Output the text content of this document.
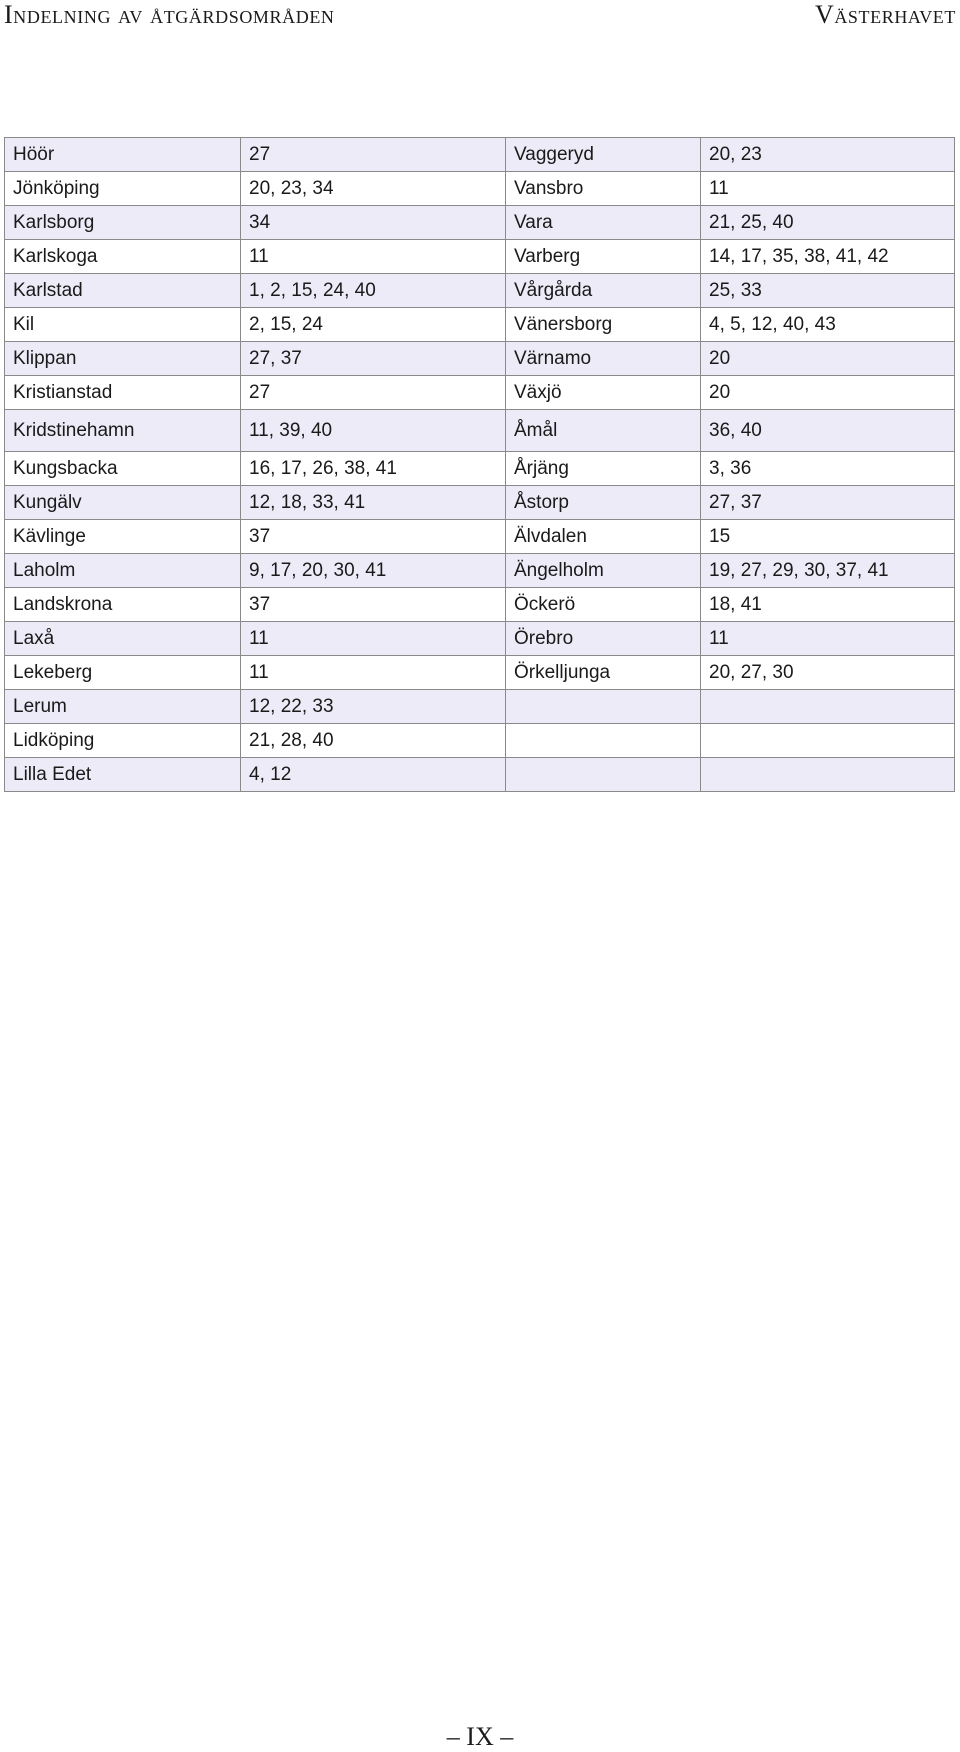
Indelning av åtgärdsområden	Västerhavet
Höör	27	Vaggeryd	20, 23
Jönköping	20, 23, 34	Vansbro	11
Karlsborg	34	Vara	21, 25, 40
Karlskoga	11	Varberg	14, 17, 35, 38, 41, 42
Karlstad	1, 2, 15, 24, 40	Vårgårda	25, 33
Kil	2, 15, 24	Vänersborg	4, 5, 12, 40, 43
Klippan	27, 37	Värnamo	20
Kristianstad	27	Växjö	20
Kridstinehamn	11, 39, 40	Åmål	36, 40
Kungsbacka	16, 17, 26, 38, 41	Årjäng	3, 36
Kungälv	12, 18, 33, 41	Åstorp	27, 37
Kävlinge	37	Älvdalen	15
Laholm	9, 17, 20, 30, 41	Ängelholm	19, 27, 29, 30, 37, 41
Landskrona	37	Öckerö	18, 41
Laxå	11	Örebro	11
Lekeberg	11	Örkelljunga	20, 27, 30
Lerum	12, 22, 33		
Lidköping	21, 28, 40		
Lilla Edet	4, 12		
– IX –
